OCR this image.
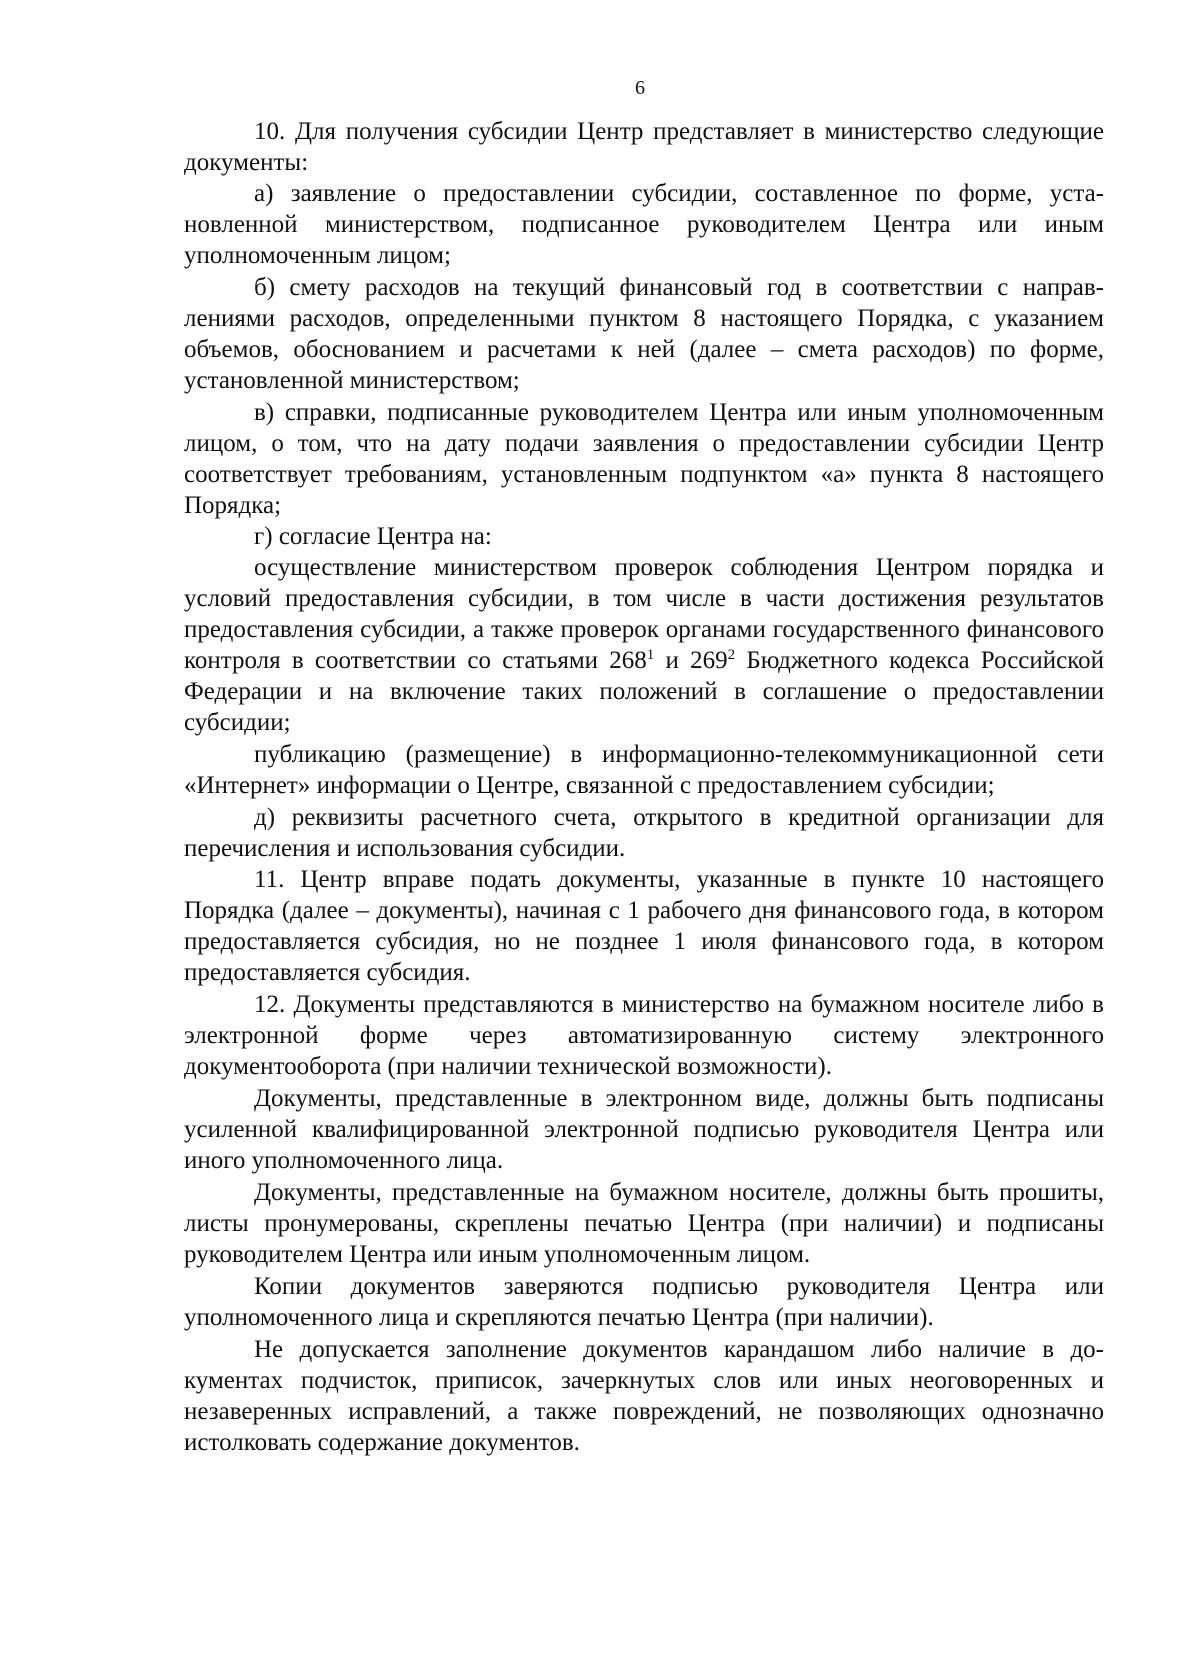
6

10. Для получения субсидии Центр представляет в министерство следующие документы:

а) заявление о предоставлении субсидии, составленное по форме, установленной министерством, подписанное руководителем Центра или иным уполномоченным лицом;

б) смету расходов на текущий финансовый год в соответствии с направлениями расходов, определенными пунктом 8 настоящего Порядка, с указанием объемов, обоснованием и расчетами к ней (далее – смета расходов) по форме, установленной министерством;

в) справки, подписанные руководителем Центра или иным уполномоченным лицом, о том, что на дату подачи заявления о предоставлении субсидии Центр соответствует требованиям, установленным подпунктом «а» пункта 8 настоящего Порядка;

г) согласие Центра на:

осуществление министерством проверок соблюдения Центром порядка и условий предоставления субсидии, в том числе в части достижения результатов предоставления субсидии, а также проверок органами государственного финансового контроля в соответствии со статьями $268^1$ и $269^2$ Бюджетного кодекса Российской Федерации и на включение таких положений в соглашение о предоставлении субсидии;

публикацию (размещение) в информационно-телекоммуникационной сети «Интернет» информации о Центре, связанной с предоставлением субсидии;

д) реквизиты расчетного счета, открытого в кредитной организации для перечисления и использования субсидии.

11. Центр вправе подать документы, указанные в пункте 10 настоящего Порядка (далее – документы), начиная с 1 рабочего дня финансового года, в котором предоставляется субсидия, но не позднее 1 июля финансового года, в котором предоставляется субсидия.

12. Документы представляются в министерство на бумажном носителе либо в электронной форме через автоматизированную систему электронного документооборота (при наличии технической возможности).

Документы, представленные в электронном виде, должны быть подписаны усиленной квалифицированной электронной подписью руководителя Центра или иного уполномоченного лица.

Документы, представленные на бумажном носителе, должны быть прошиты, листы пронумерованы, скреплены печатью Центра (при наличии) и подписаны руководителем Центра или иным уполномоченным лицом.

Копии документов заверяются подписью руководителя Центра или уполномоченного лица и скрепляются печатью Центра (при наличии).

Не допускается заполнение документов карандашом либо наличие в документах подчисток, приписок, зачеркнутых слов или иных неоговоренных и незаверенных исправлений, а также повреждений, не позволяющих однозначно истолковать содержание документов.
